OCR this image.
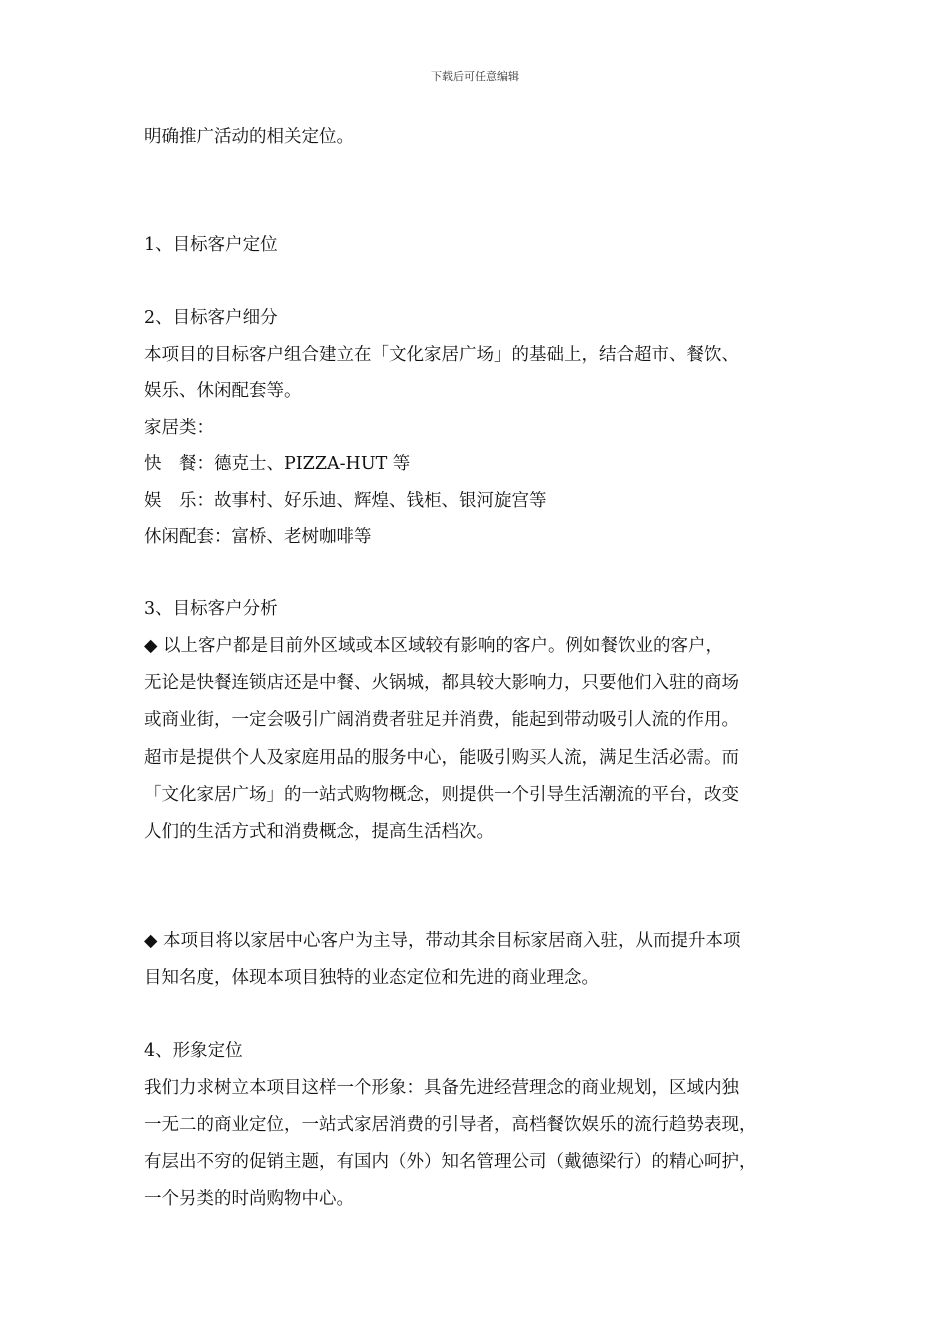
下载后可任意编辑
明确推广活动的相关定位。
1、目标客户定位
2、目标客户细分
本项目的目标客户组合建立在「文化家居广场」的基础上，结合超市、餐饮、
娱乐、休闲配套等。
家居类：
快　餐：德克士、PIZZA-HUT 等
娱　乐：故事村、好乐迪、辉煌、钱柜、银河旋宫等
休闲配套：富桥、老树咖啡等
3、目标客户分析
◆ 以上客户都是目前外区域或本区域较有影响的客户。例如餐饮业的客户，
无论是快餐连锁店还是中餐、火锅城，都具较大影响力，只要他们入驻的商场
或商业街，一定会吸引广阔消费者驻足并消费，能起到带动吸引人流的作用。
超市是提供个人及家庭用品的服务中心，能吸引购买人流，满足生活必需。而
「文化家居广场」的一站式购物概念，则提供一个引导生活潮流的平台，改变
人们的生活方式和消费概念，提高生活档次。
◆ 本项目将以家居中心客户为主导，带动其余目标家居商入驻，从而提升本项
目知名度，体现本项目独特的业态定位和先进的商业理念。
4、形象定位
我们力求树立本项目这样一个形象：具备先进经营理念的商业规划，区域内独
一无二的商业定位，一站式家居消费的引导者，高档餐饮娱乐的流行趋势表现，
有层出不穷的促销主题，有国内（外）知名管理公司（戴德梁行）的精心呵护，
一个另类的时尚购物中心。
